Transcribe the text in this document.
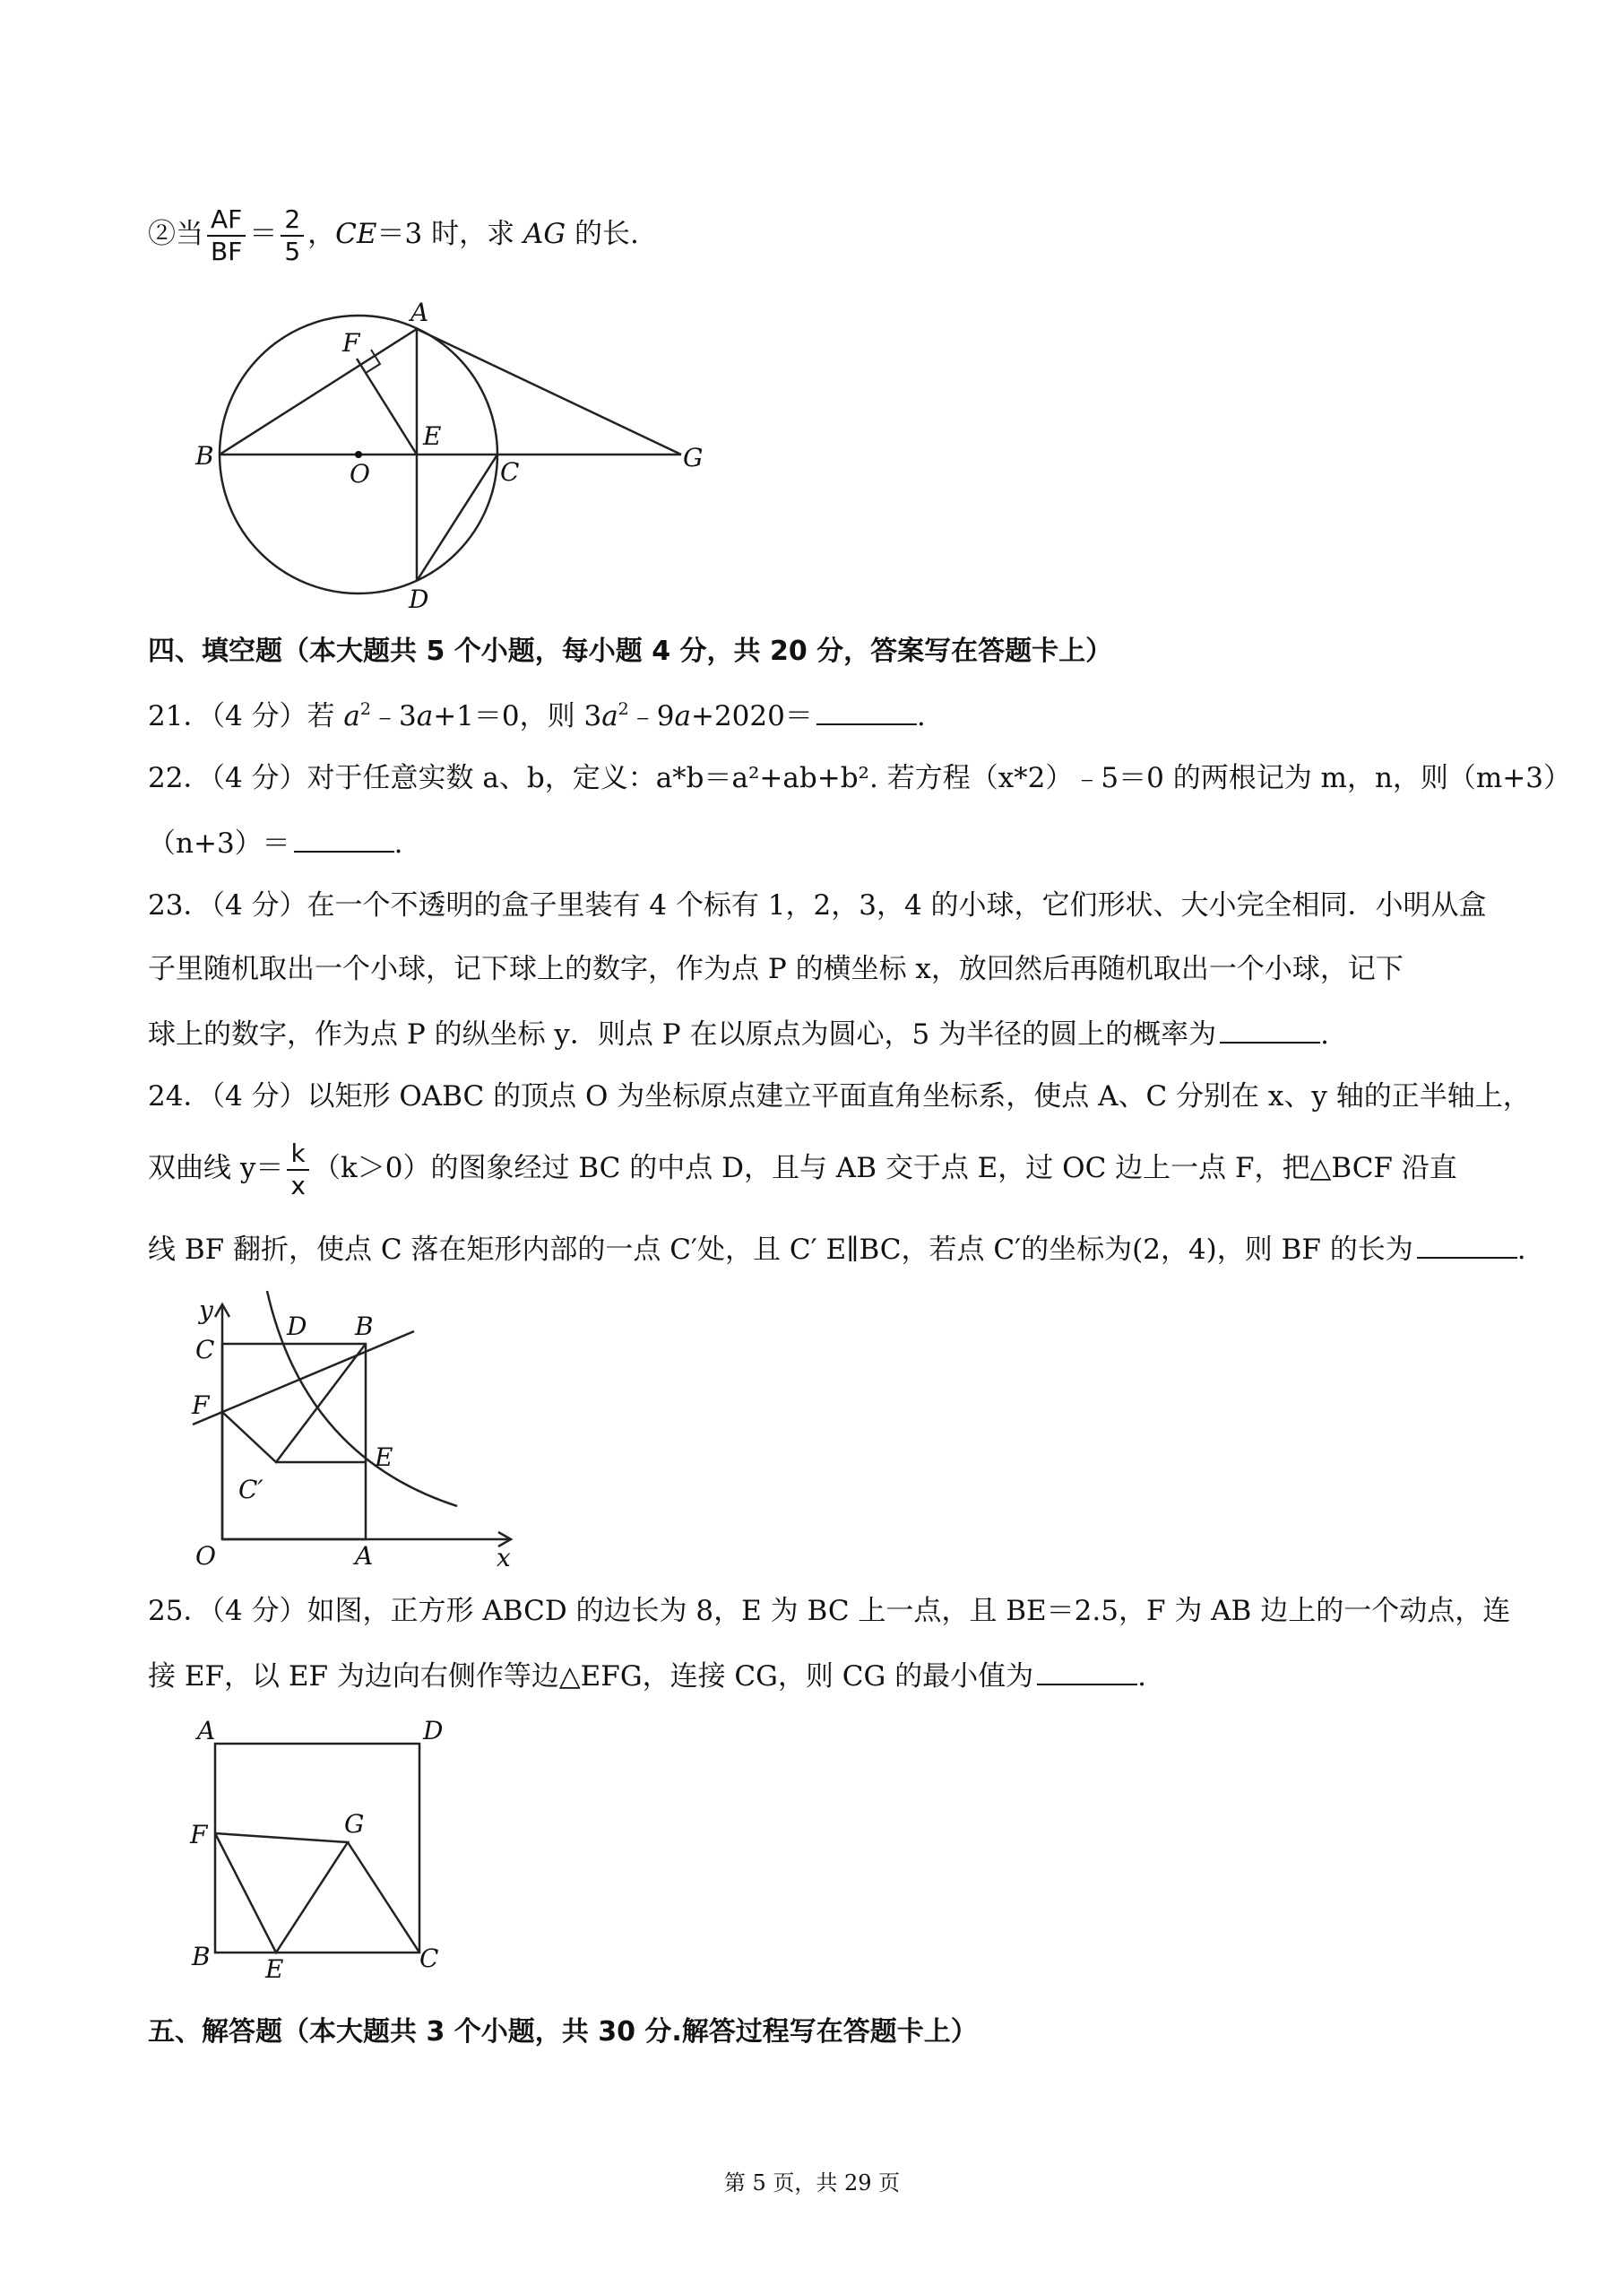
②当 $\frac{AF}{BF} = \frac{2}{5}$ ，CE＝3 时，求 AG 的长.
A
F
B
O
E
C	G
D
四、填空题（本大题共 5 个小题，每小题 4 分，共 20 分，答案写在答题卡上）
21．（4 分）若 $a^2﹣3a+1=0$，则 $3a^2﹣9a+2020=$	.
22．（4 分）对于任意实数 a、b，定义：a*b＝a²+ab+b². 若方程（x*2）﹣5＝0 的两根记为 m，n，则（m+3）
（n+3）＝	.
23．（4 分）在一个不透明的盒子里装有 4 个标有 1，2，3，4 的小球，它们形状、大小完全相同．小明从盒
子里随机取出一个小球，记下球上的数字，作为点 P 的横坐标 x，放回然后再随机取出一个小球，记下
球上的数字，作为点 P 的纵坐标 y．则点 P 在以原点为圆心，5 为半径的圆上的概率为	.
24．（4 分）以矩形 OABC 的顶点 O 为坐标原点建立平面直角坐标系，使点 A、C 分别在 x、y 轴的正半轴上，
双曲线 $y= \frac{k}{x} (k>0)$的图象经过 BC 的中点 D，且与 AB 交于点 E，过 OC 边上一点 F，把△BCF 沿直
线 BF 翻折，使点 C 落在矩形内部的一点 C′处，且 C′ E∥BC，若点 C′的坐标为(2，4)，则 BF 的长为	.
y
D B
C
F
E
C′
O	A	x
25．（4 分）如图，正方形 ABCD 的边长为 8，E 为 BC 上一点，且 BE＝2.5，F 为 AB 边上的一个动点，连
接 EF，以 EF 为边向右侧作等边△EFG，连接 CG，则 CG 的最小值为	.
A	D
F	G
B E	C
五、解答题（本大题共 3 个小题，共 30 分.解答过程写在答题卡上）
第 5 页，共 29 页
